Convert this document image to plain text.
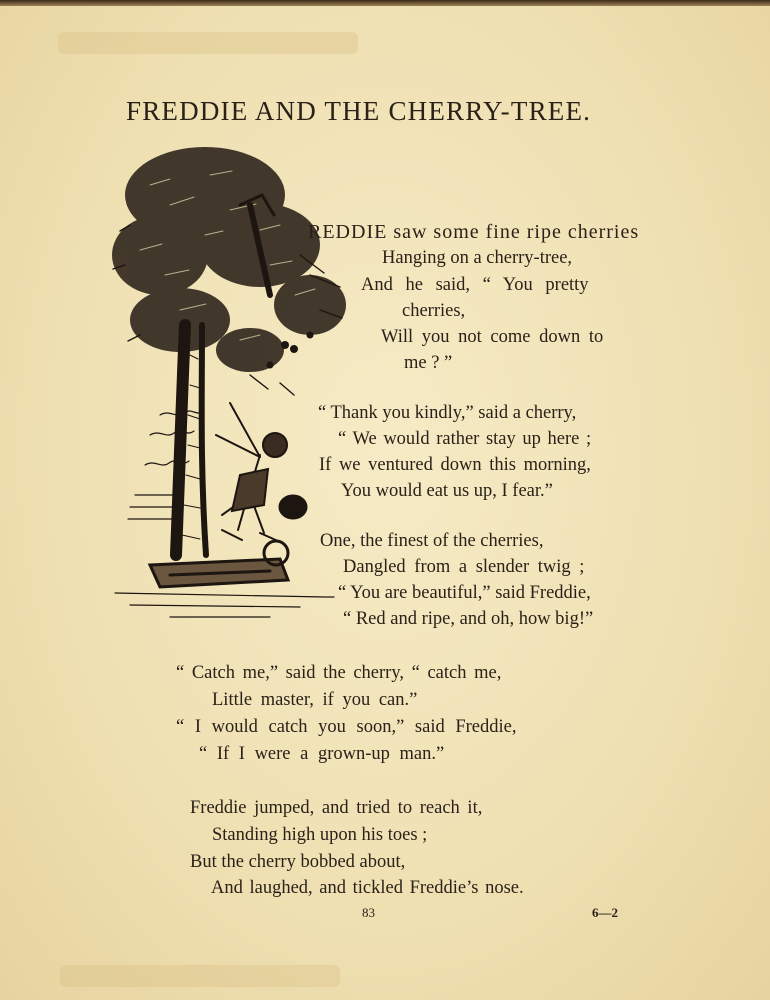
FREDDIE AND THE CHERRY-TREE.
REDDIE saw some fine ripe cherries
Hanging on a cherry-tree,
And he said, “ You pretty
cherries,
Will you not come down to
me ? ”
“ Thank you kindly,” said a cherry,
“ We would rather stay up here ;
If we ventured down this morning,
You would eat us up, I fear.”
One, the finest of the cherries,
Dangled from a slender twig ;
“ You are beautiful,” said Freddie,
“ Red and ripe, and oh, how big!”
“ Catch me,” said the cherry, “ catch me,
Little master, if you can.”
“ I would catch you soon,” said Freddie,
“ If I were a grown-up man.”
Freddie jumped, and tried to reach it,
Standing high upon his toes ;
But the cherry bobbed about,
And laughed, and tickled Freddie’s nose.
83	6—2
